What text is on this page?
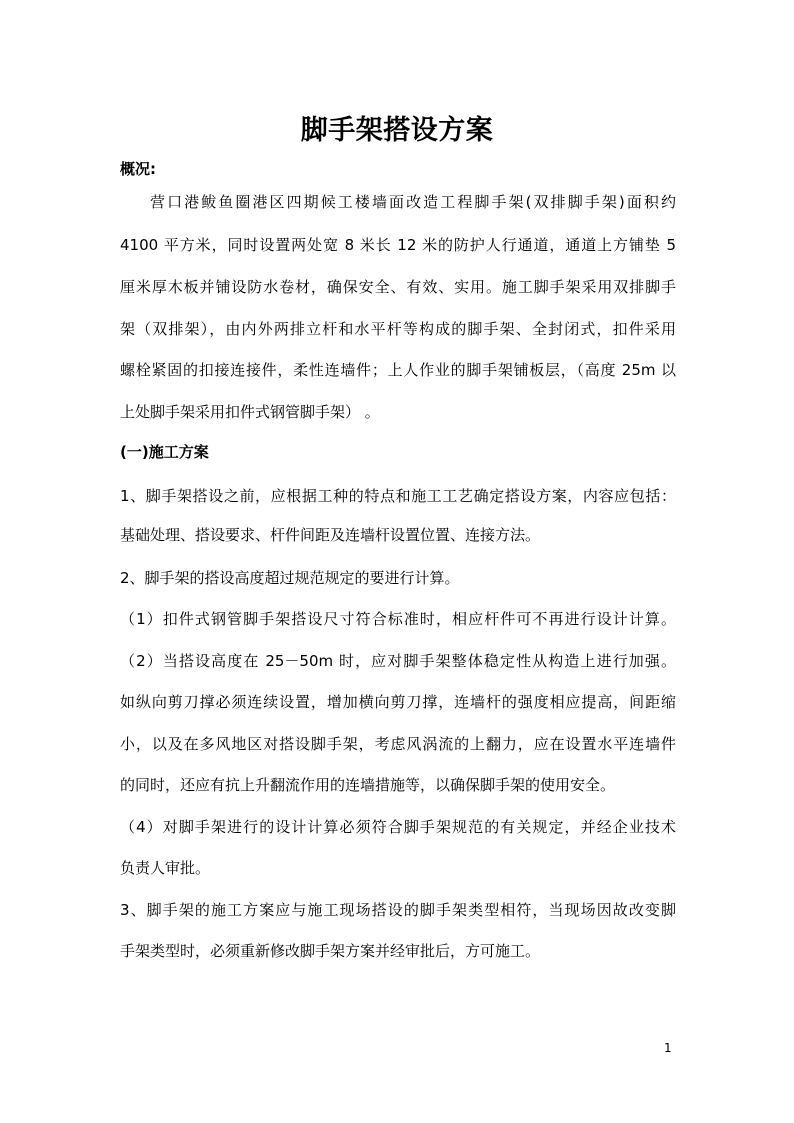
脚手架搭设方案
概况:
营口港鲅鱼圈港区四期候工楼墙面改造工程脚手架(双排脚手架)面积约
4100 平方米，同时设置两处宽 8 米长 12 米的防护人行通道，通道上方铺垫 5
厘米厚木板并铺设防水卷材，确保安全、有效、实用。施工脚手架采用双排脚手
架（双排架），由内外两排立杆和水平杆等构成的脚手架、全封闭式，扣件采用
螺栓紧固的扣接连接件，柔性连墙件；上人作业的脚手架铺板层，（高度 25m 以
上处脚手架采用扣件式钢管脚手架） 。
(一)施工方案
1、脚手架搭设之前，应根据工种的特点和施工工艺确定搭设方案，内容应包括：
基础处理、搭设要求、杆件间距及连墙杆设置位置、连接方法。
2、脚手架的搭设高度超过规范规定的要进行计算。
（1）扣件式钢管脚手架搭设尺寸符合标准时，相应杆件可不再进行设计计算。
（2）当搭设高度在 25－50m 时，应对脚手架整体稳定性从构造上进行加强。
如纵向剪刀撑必须连续设置，增加横向剪刀撑，连墙杆的强度相应提高，间距缩
小，以及在多风地区对搭设脚手架，考虑风涡流的上翻力，应在设置水平连墙件
的同时，还应有抗上升翻流作用的连墙措施等，以确保脚手架的使用安全。
（4）对脚手架进行的设计计算必须符合脚手架规范的有关规定，并经企业技术
负责人审批。
3、脚手架的施工方案应与施工现场搭设的脚手架类型相符，当现场因故改变脚
手架类型时，必须重新修改脚手架方案并经审批后，方可施工。
1
